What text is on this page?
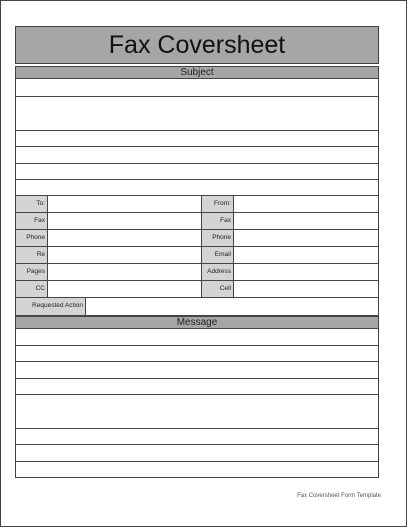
Fax Coversheet
Subject
To:	From:
Fax	Fax
Phone	Phone
Re	Email
Pages	Address
CC	Cell
Requested Action
Message
Fax Coversheet Form Template
